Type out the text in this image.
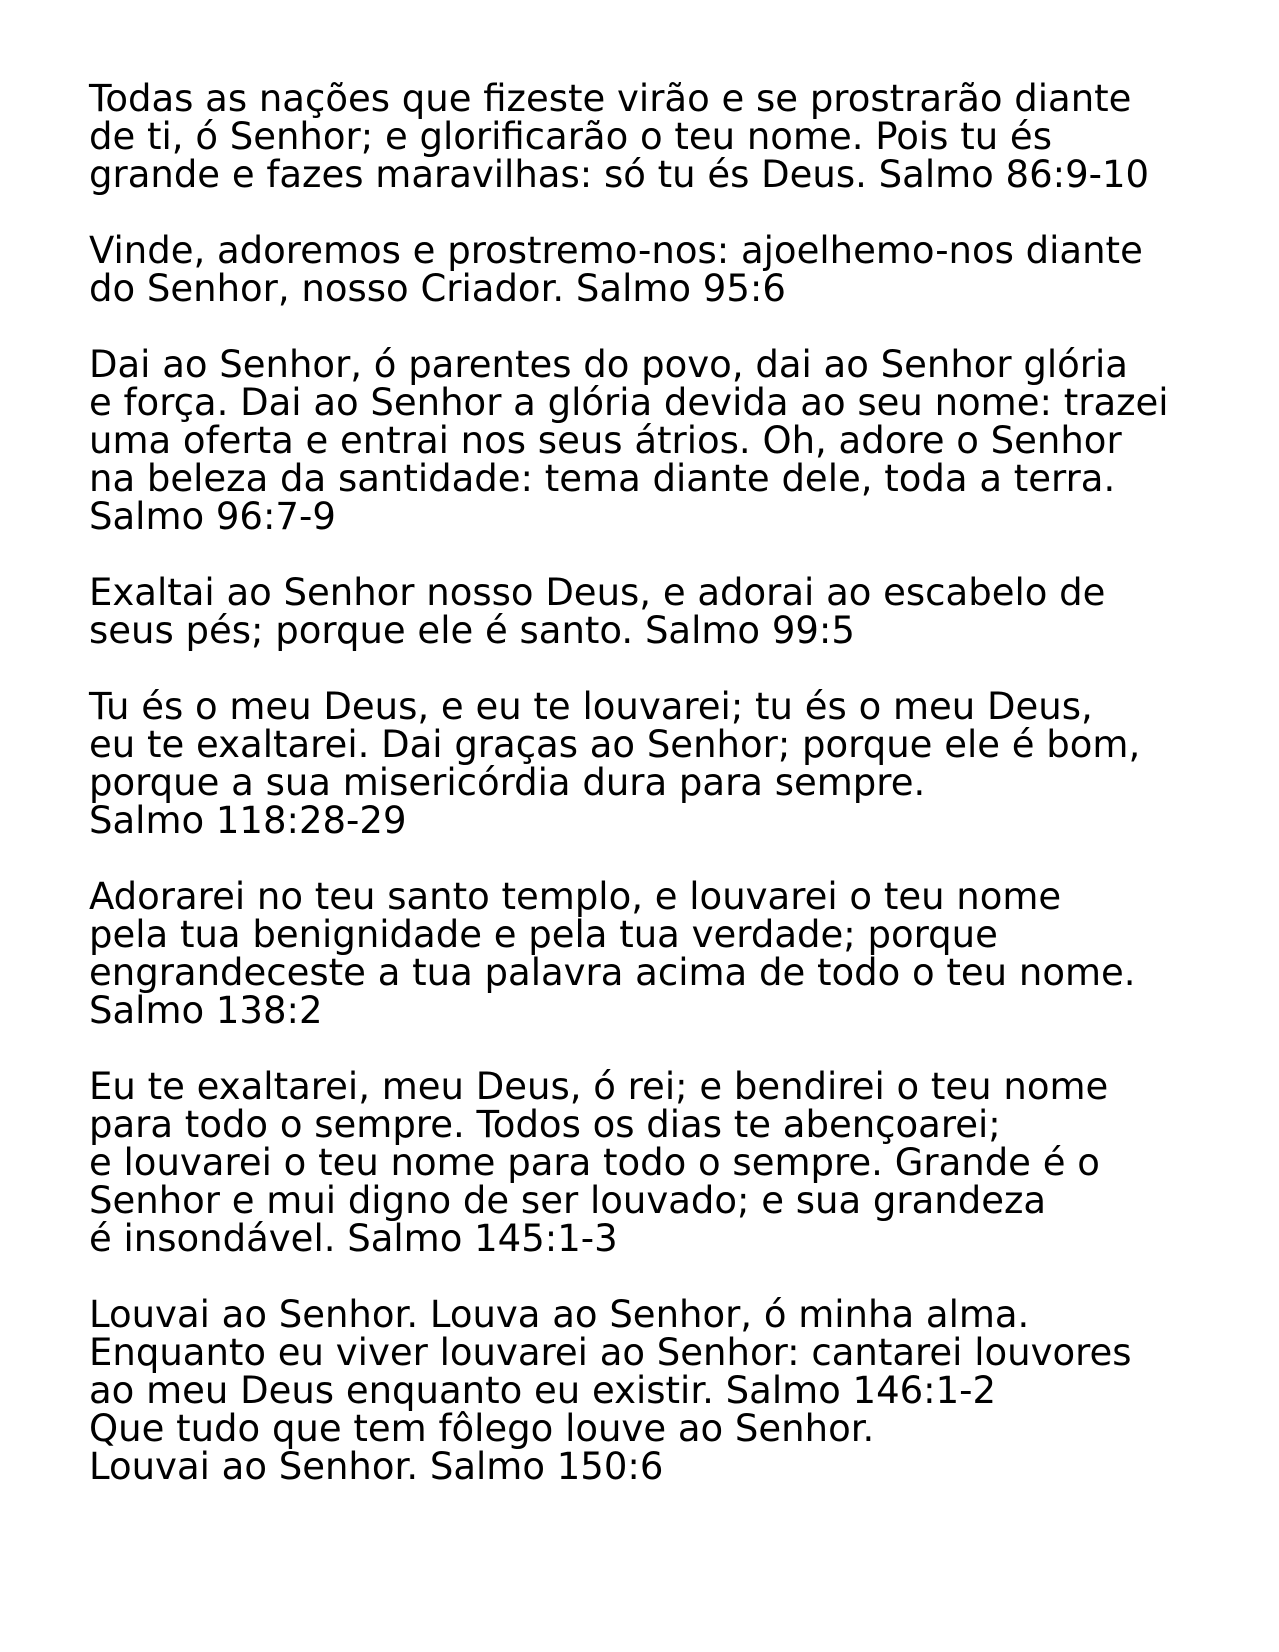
Todas as nações que fizeste virão e se prostrarão diante
de ti, ó Senhor; e glorificarão o teu nome. Pois tu és
grande e fazes maravilhas: só tu és Deus. Salmo 86:9-10
Vinde, adoremos e prostremo-nos: ajoelhemo-nos diante
do Senhor, nosso Criador. Salmo 95:6
Dai ao Senhor, ó parentes do povo, dai ao Senhor glória
e força. Dai ao Senhor a glória devida ao seu nome: trazei
uma oferta e entrai nos seus átrios. Oh, adore o Senhor
na beleza da santidade: tema diante dele, toda a terra.
Salmo 96:7-9
Exaltai ao Senhor nosso Deus, e adorai ao escabelo de
seus pés; porque ele é santo. Salmo 99:5
Tu és o meu Deus, e eu te louvarei; tu és o meu Deus,
eu te exaltarei. Dai graças ao Senhor; porque ele é bom,
porque a sua misericórdia dura para sempre.
Salmo 118:28-29
Adorarei no teu santo templo, e louvarei o teu nome
pela tua benignidade e pela tua verdade; porque
engrandeceste a tua palavra acima de todo o teu nome.
Salmo 138:2
Eu te exaltarei, meu Deus, ó rei; e bendirei o teu nome
para todo o sempre. Todos os dias te abençoarei;
e louvarei o teu nome para todo o sempre. Grande é o
Senhor e mui digno de ser louvado; e sua grandeza
é insondável. Salmo 145:1-3
Louvai ao Senhor. Louva ao Senhor, ó minha alma.
Enquanto eu viver louvarei ao Senhor: cantarei louvores
ao meu Deus enquanto eu existir. Salmo 146:1-2
Que tudo que tem fôlego louve ao Senhor.
Louvai ao Senhor. Salmo 150:6
